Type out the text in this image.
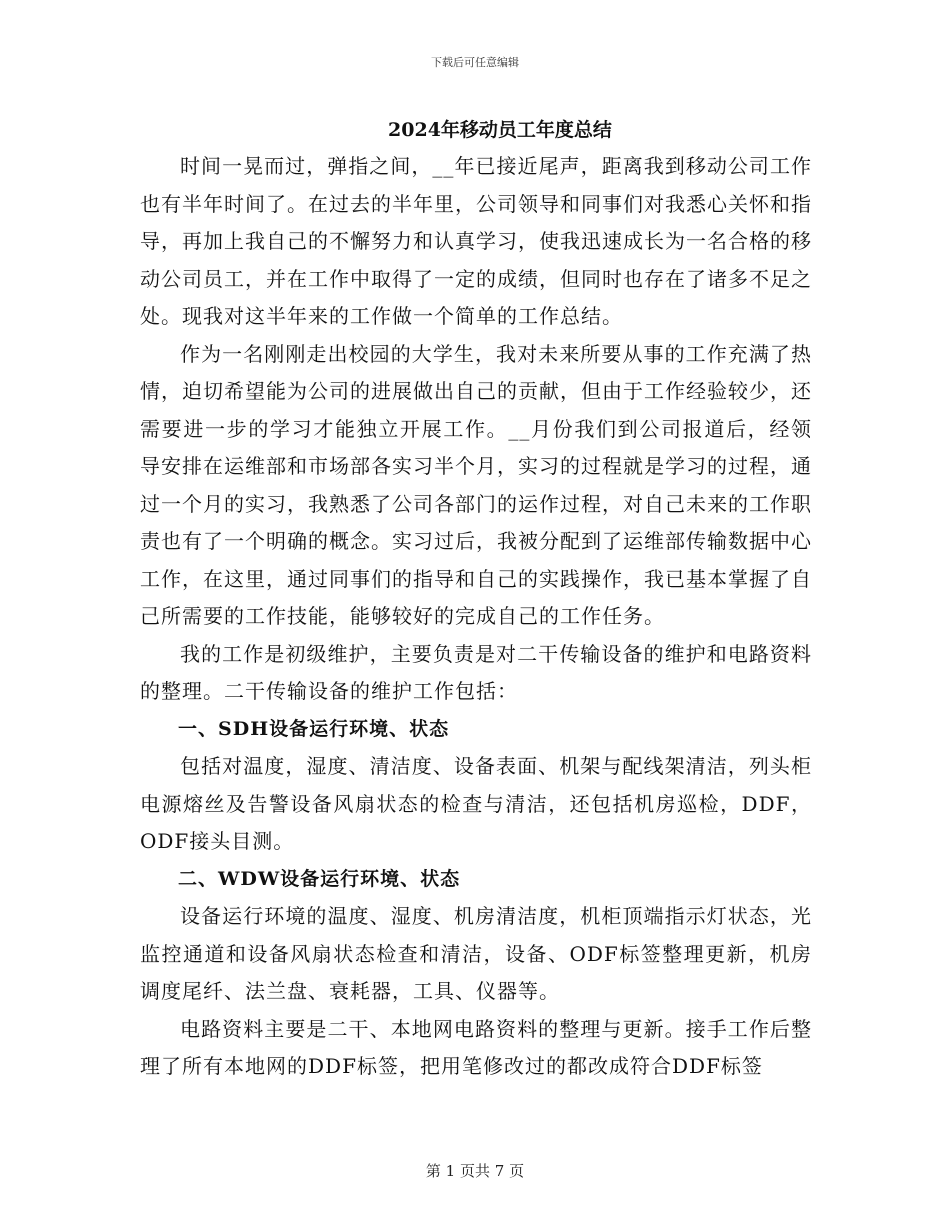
下载后可任意编辑
2024年移动员工年度总结

时间一晃而过，弹指之间，__年已接近尾声，距离我到移动公司工作也有半年时间了。在过去的半年里，公司领导和同事们对我悉心关怀和指导，再加上我自己的不懈努力和认真学习，使我迅速成长为一名合格的移动公司员工，并在工作中取得了一定的成绩，但同时也存在了诸多不足之处。现我对这半年来的工作做一个简单的工作总结。

作为一名刚刚走出校园的大学生，我对未来所要从事的工作充满了热情，迫切希望能为公司的进展做出自己的贡献，但由于工作经验较少，还需要进一步的学习才能独立开展工作。__月份我们到公司报道后，经领导安排在运维部和市场部各实习半个月，实习的过程就是学习的过程，通过一个月的实习，我熟悉了公司各部门的运作过程，对自己未来的工作职责也有了一个明确的概念。实习过后，我被分配到了运维部传输数据中心工作，在这里，通过同事们的指导和自己的实践操作，我已基本掌握了自己所需要的工作技能，能够较好的完成自己的工作任务。

我的工作是初级维护，主要负责是对二干传输设备的维护和电路资料的整理。二干传输设备的维护工作包括：

一、SDH设备运行环境、状态

包括对温度，湿度、清洁度、设备表面、机架与配线架清洁，列头柜电源熔丝及告警设备风扇状态的检查与清洁，还包括机房巡检，DDF，ODF接头目测。

二、WDW设备运行环境、状态

设备运行环境的温度、湿度、机房清洁度，机柜顶端指示灯状态，光监控通道和设备风扇状态检查和清洁，设备、ODF标签整理更新，机房调度尾纤、法兰盘、衰耗器，工具、仪器等。

电路资料主要是二干、本地网电路资料的整理与更新。接手工作后整理了所有本地网的DDF标签，把用笔修改过的都改成符合DDF标签

第 1 页共 7 页
